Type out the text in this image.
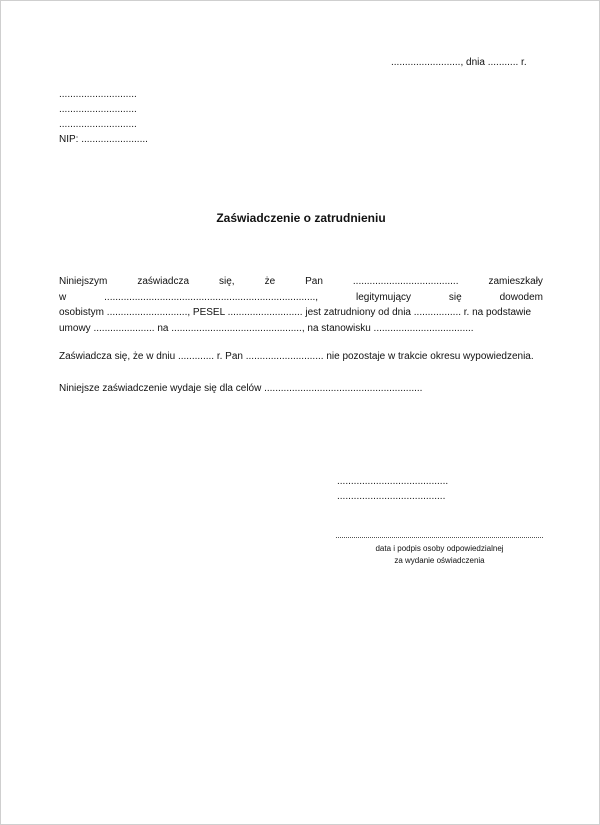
........................., dnia ........... r.
............................
............................
............................
NIP: ........................
Zaświadczenie o zatrudnieniu
Niniejszym	zaświadcza	się,	że	Pan	......................................	zamieszkały
w	............................................................................,	legitymujący	się	dowodem
osobistym ............................., PESEL ........................... jest zatrudniony od dnia ................. r. na podstawie
umowy ...................... na ..............................................., na stanowisku ....................................
Zaświadcza się, że w dniu ............. r. Pan ............................ nie pozostaje w trakcie okresu wypowiedzenia.
Niniejsze zaświadczenie wydaje się dla celów .........................................................
........................................
.......................................
data i podpis osoby odpowiedzialnej
za wydanie oświadczenia
